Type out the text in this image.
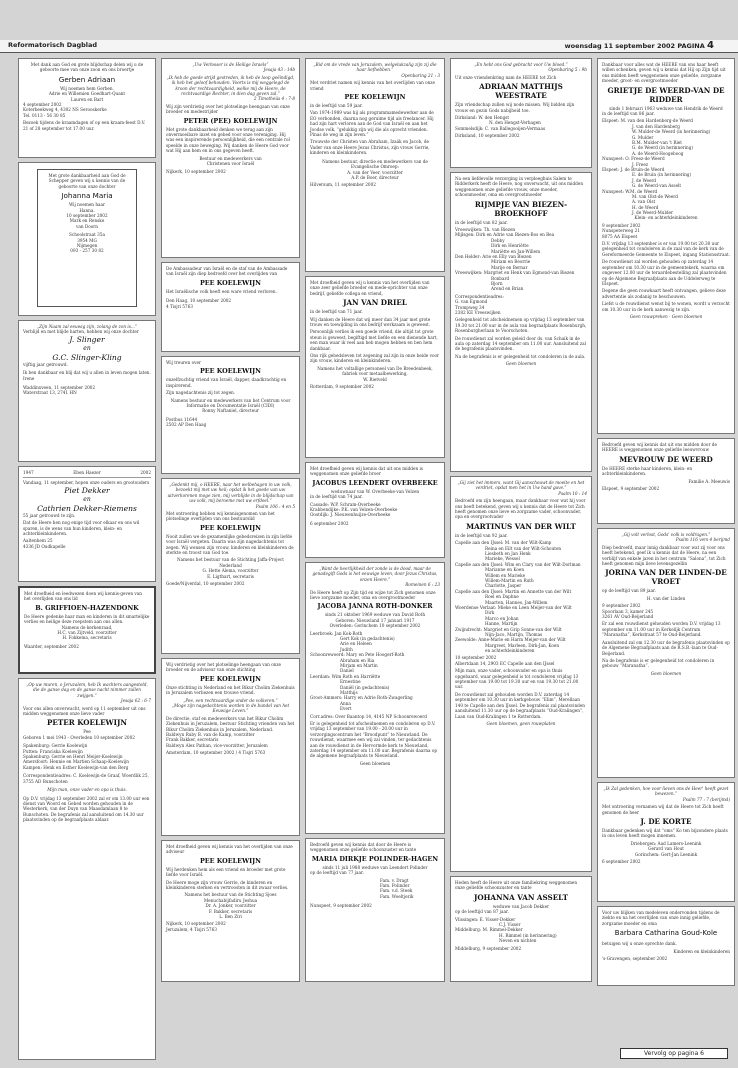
Reformatorisch Dagblad	woensdag 11 september 2002 PAGINA 4
Met dank aan God en grote blijdschap delen wij u de geboorte mee van onze zoon en ons broertje
Gerben Adriaan
Wij noemen hem Gerben.
Adrie en Willemien Goedhart-Quant
Lauren en Bart
4 september 2002
Koterbeekweg 4, 4302 NS Serooskerke
Tel. 0113 - 56 30 85
Bezoek tijdens de kraamdagen of op een kraam-feest D.V. 21 of 28 september tot 17.00 uur.
Met grote dankbaarheid aan God de Schepper geven wij u kennis van de geboorte van onze dochter
Johanna Maria
Wij noemen haar
Hanna.
10 september 2002
Mark en Renske
van Doorn
Schoolstraat 35a
3954 MG
Nijmegen
093 - 257 30 82
„Zijn Naam zal eeuwig zijn, zolang de zon is...”
Verblijd en met blijde harten, hebben wij onze dochter
J. Slinger
en
G.C. Slinger-Kling
vijftig jaar getrouwd.
Ik ben dankbaar en blij dat wij u allen in leven mogen laten.
Irene
Waddinxveen, 11 september 2002
Waterstraat 13, 2741 HN
1947	Eben Haezer	2002
Vandaag, 11 september, hopen onze ouders en grootouders
Piet Dekker
en
Cathrien Dekker-Riemens
55 jaar getrouwd te zijn.
Dat de Heere hen nog enige tijd voor elkaar en ons wil sparen, is de wens van hun kinderen, klein- en achterkleinkinderen.
Aaltenhem 25
4336 JD Oudkapelle
Met droefheid en leedwezen doen wij kennis-geven van het overlijden van ons lid
B. GRIFFIOEN-HAZENDONK
De Heere gedenke haar man en kinderen in dit smartelijke verlies en heilige deze roepstem aan ons allen.
Namens de kerkenraad,
H.C. van Zijtveld, voorzitter
H. Fokkema, secretaris
Waarder, september 2002
„Op uw muren, o Jeruzalem, heb Ik wachters aangesteld, die de ganse dag en de ganse nacht nimmer zullen zwijgen.”
Jesaja 62 : 6-7
Voor ons allen onverwacht, werd op 11 september uit ons midden weggenomen onze lieve vader
PETER KOELEWIJN
Pee
Geboren 1 mei 1943 - Overleden 10 september 2002
Spakenburg: Gerrie Koelewijn
Putten: Franciska Koelewijn
Spakenburg: Gerrie en Henri Meijer-Koelewijn
Amersfoort: Hennie en Martien Schaap-Koelewijn
Kampen: Henk en Esther Koelewijn-van den Berg
Correspondentieadres: C. Koelewijn-de Graaf, Woerdlik 25, 3755 AD Bunschoten
Mijn man, onze vader en opa is thuis.
Op D.V. vrijdag 13 september 2002 zal er om 13.00 uur een dienst van Woord en Gebed worden gehouden in de Westerkerk, van der Duyn van Maasdamlaan 8 te Bunschoten. De begrafenis zal aansluitend om 14.30 uur plaatsvinden op de begraafplaats aldaar.
„Uw Verlosser is de Heilige Israels”
Jesaja 43 : 14b
„Ik heb de goede strijd gestreden, ik heb de loop geëindigd, ik heb het geloof behouden. Voorts is mij weggelegd de kroon der rechtvaardigheid, welke mij de Heere, de rechtvaardige Rechter, in dien dag geven zal.”
2 Timotheüs 4 : 7-8
Wij zijn verdrietig over het plotselinge heengaan van onze broeder en medestrijder
PETER (PEE) KOELEWIJN
Met grote dankbaarheid denken we terug aan zijn onvermoeibare inzet en gebed voor onze vereniging. Hij was een inspirerende persoonlijkheid, die een centrale rol speelde in onze beweging. Wij danken de Heere God voor wat Hij aan hem en in ons gegeven heeft.
Bestuur en medewerkers van
Christenen voor Israël
Nijkerk, 10 september 2002
De Ambassadeur van Israël en de staf van de Ambassade van Israël zijn diep bedroefd over het overlijden van
PEE KOELEWIJN
Het Israëlische volk heeft een ware vriend verloren.
Den Haag, 10 september 2002
4 Tisjri 5763
Wij treuren over
PEE KOELEWIJN
onzelfzuchtig vriend van Israël, dapper, daadkrachtig en inspirerend.
Zijn nagedachtenis zij tot zegen.
Namens bestuur en medewerkers van het Centrum voor Informatie en Documentatie Israël (CIDI)
Ronny Naftaniel, directeur
Postbus 11644
2502 AP Den Haag
„Gedenkt mij, o HEERE, naar het welbehagen in uw volk, bezoekt mij met uw heil; opdat ik het goede van uw uitverkorenen moge zien, mij verblijde in de blijdschap van uw volk, mij beroeme met uw erfdeel.”
Psalm 106 : 4 en 5
Met ontroering hebben wij kennisgenomen van het plotselinge overlijden van ons bestuurslid
PEE KOELEWIJN
Nooit zullen we de gezamenlijke gebedsreizen in zijn liefde voor Israël vergeten. Daarin was zijn nagedachtenis tot zegen. Wij wensen zijn vrouw, kinderen en kleinkinderen de sterkte en troost van God toe.
Namens het bestuur van de Stichting Jaffa-Project Nederland
G. Hette Alema, voorzitter
E. Ligthart, secretaris
Goede/Nijverdal, 10 september 2002
Wij verdrietig over het plotselinge heengaan van onze broeder en de adviseur van onze stichting
PEE KOELEWIJN
Onze stichting in Nederland en het Bikur Cholim Ziekenhuis in Jeruzalem verliezen een trouwe vriend.
„Pee, een rechtvaardige onder de volkeren.”
„Moge zijn nagedachtenis worden in de bundel van het Eeuwige Leven.”
De directie, staf en medewerkers van het Bikur Cholim Ziekenhuis in Jeruzalem, bestuur Stichting vrienden van het Bikur Cholim Ziekenhuis in Jeruzalem, Nederland.
Baldwyn Ruby B. van de Kamp, voorzitter
Frank Bakker, secretaris
Baldwyn Alex Pathan, vice-voorzitter, Jeruzalem
Amsterdam, 10 september 2002 / 4 Tisjri 5763
Met droefheid geven wij kennis van het overlijden van onze adviseur
PEE KOELEWIJN
Wij herdenken hem als een vriend en broeder met grote liefde voor Israël.
De Heere moge zijn vrouw Gerrie, de kinderen en kleinkinderen sterken en vertroosten in dit zwaar verlies.
Namens het bestuur van de Stichting Sjoes Menuchabijfadiru Jeshua
Dr. A. Jonker, voorzitter
F. Bakker, secretaris
L. Ben Ziri
Nijkerk, 10 september 2002
Jeruzalem, 4 Tisjri 5763
„Bid om de vrede van Jeruzalem, welgelukzalig zijn zij die haar liefhebben.”
Openbaring 21 : 3
Met verdriet namen wij kennis van het overlijden van onze vriend
PEE KOELEWIJN
in de leeftijd van 59 jaar.
Van 1974-1989 was hij als programmamedewerker aan de EO verbonden, daarna nog geruime tijd als freelancer. Hij had zijn hart verloren aan de God van Israël en aan het Joodse volk. “gelukkig zijn wij die als oprecht vrienden. Pinas de weg in zijn leven.”
Trouwste der Christen van Abraham, Izaäk en Jacob, de Vader van onze Heere Jezus Christus, zijn vrouw Gerrie, kinderen en kleinkinderen.
Namens bestuur, directie en medewerkers van de Evangelische Omroep:
A. van der Veer, voorzitter
A.P. de Boer, directeur
Hilversum, 11 september 2002
Met droefheid geven wij u kennis van het overlijden van onze zeer geliefde broeder en mede-oprichter van onze bedrijf, geliefde collega en vriend,
JAN VAN DRIEL
in de leeftijd van 71 jaar.
Wij danken de Heere dat wij meer dan 34 jaar met grote trouw en toewijding in ons bedrijf werkzaam is geweest.
Persoonlijk verlies ik een goede vriend, die altijd tot grote steun is geweest, begiftigd met liefde en een dienende hart, een man waar ik veel aan heb mogen hebben en ben hem dankbaar.
Ons rijk gebedsleven tot zegening zal zijn in onze beide voor zijn vrouw, kinderen en kleinkinderen.
Namens het voltallige personeel van De Breedenbeek, fabriek voor metaalbewerking,
W. Rietveld
Rotterdam, 9 september 2002
Met droefheid geven wij kennis dat uit ons midden is weggenomen onze geliefde broer
JACOBUS LEENDERT OVERBEEKE
weduwnaar van W. Overbeeke-van Velzen
in de leeftijd van 74 jaar.
Cassade: W.P. Schram-Overbeeke
Krabbendijke: P.K. van Velzen-Overbeeke
Oostdijk: J. Nieuwenhuijze-Overbeeke
6 september 2002
„Want de heerlijkheid der zonde is de dood, maar de genadegift Gods is het eeuwige leven, door Jezus Christus, onzen Heere.”
Romeinen 6 : 23
De Heere heeft op Zijn tijd en wijze tot Zich genomen onze lieve zorgzame moeder, oma en overgrootmoeder
JACOBA JANNA ROTH-DONKER
sinds 21 oktober 1969 weduwe van David Roth
Geboren: Nieuwland 17 januari 1917
Overleden: Gorinchem 10 september 2002
Leerbroek: Jan Kok-Roth
Gert Kok (in gedachtenis)
Arie en Heleen
Judith
Schoonrewoerd: Mary en Pete Hoogerf-Roth
Abraham en Ria
Mirjam en Martin
Daniel
Leerdam: Wim Roth en Harriëtte
Ernestine
Daniël (in gedachtenis)
Matthijs
Groot-Ammers: Harry en Adrie Roth-Zwagerling
Anna
Evert
Corr.adres: Over Baantop 14, 4145 NP Schoonrewoerd
Er is gelegenheid tot afscheidnemen en condoleren op D.V. vrijdag 13 september van 19.00 - 20.00 uur in verzorgingscentrum het “Broodpunt” te Nieuwland. De rouwdienst, waarmee een wij zal vinden, ter gedachtenis aan de rouwdienst in de Hervormde kerk te Nieuwland, zaterdag 14 september om 11.00 uur. Begrafenis daarna op de algemene begraafplaats te Nieuwland.
Geen bloemen
Bedroefd geven wij kennis dat door de Heere is weggenomen onze geliefde schoonzuster en tante
MARIA DIRKJE POLINDER-HAGEN
sinds 11 juli 1988 weduwe van Leendert Polinder
op de leeftijd van 77 jaar.
Fam. v. Dragt
Fam. Polinder
Fam. v.d. Steek
Fam. Woeltjerik
Nunspeet, 9 september 2002
„En hebt ons God gebracht voor Uw bloed.”
Openbaring 5 : 9b
Uit onze vriendenkring nam de HEERE tot Zich
ADRIAAN MATTHIJS WEESTRATE
Zijn vriendschap zullen wij node missen. Wij bidden zijn vrouw en gezin Gods nabijheid toe.
Dirksland: W. den Hengst
N. den Hengst-Verhagen
Sommelsdijk: C. van Ballegooijen-Vermaas
Dirksland, 10 september 2002
Na een liefdevolle verzorging in verpleeghuis Salem te Ridderkerk heeft de Heere, nog onverwacht, uit ons midden weggenomen onze geliefde vrouw, onze moeder, schoonmoeder, oma en overgrootmoeder
RIJMPJE VAN BIEZEN-BROEKHOFF
in de leeftijd van 82 jaar.
Vreeswijken: Th. van Biezen
Mijlsgen: Dirk en Adrie van Biezen-Bos en Bea
Debby
Dirk en Henriëtte
Mariëtte en Jan-Willem
Den Helder: Arie en Elly van Biezen
Miriam en Beorrie
Marije en Bernar
Vreeswijken: Margriet en Henk van Egmond-van Biezen
Bonbard
Bjorn
Arend en Brian
Correspondentieadres:
G. van Egmond
Trompweg 34
2382 KE Vreeswijken
Gelegenheid tot afscheidnemen op vrijdag 13 september van 19.30 tot 21.00 uur in de aula van begraafplaats Rosenburgh, Rosenburgherlaan te Voorschoten.
De rouwdienst zal worden geleid door ds. van Schaik in de aula op zaterdag 14 september om 11.00 uur. Aansluitend zal de begrafenis plaatsvinden.
Na de begrafenis is er gelegenheid tot condoleren in de aula.
Geen bloemen
„Gij ziet het immers, want Gij aanschouwt de moeite en het verdriet, opdat men het in Uw hand gave.”
Psalm 10 : 14
Bedroefd om zijn heengaan, maar dankbaar voor wat hij voor ons heeft betekend, geven wij u kennis dat de Heere tot Zich heeft genomen onze lieve en zorgzame vader, schoonvader, opa en overgrootvader
MARTINUS VAN DER WILT
in de leeftijd van 92 jaar.
Capelle aan den IJssel: M. van der Wilt-Kamp
Reina en Eilt van der Wilt-Schouten
Liesbeth en Jan Henk
Marieke, Wessel
Capelle aan den IJssel: Wim en Clary van der Wilt-Dorlman
Marianne en Koen
Willem en Marieke
Willem-Martin en Ruth
Charlotte, Jasper
Capelle aan den IJssel: Martin en Annette van der Wilt
Roel en Daphne
Maarten, Hannes, Jan-Willem
Woerdense Verlaat: Mieke en Leen Meijer-van der Wilt
Dirk
Marco en Johan
Hanne, Martijn
Zwijndrecht: Margriet en Grip Sonne-van der Wilt
Nijn-Jaco, Martijn, Thomas
Zeewolde: Anne-Marie en Harm Meijer-van der Wilt
Margreet, Marleen, Dirk-Jan, Koen
en achterkleinkinderen
10 september 2002
Albertdaan 14, 2903 EC Capelle aan den IJssel
Mijn man, onze vader, schoonvader en opa is thuis opgebaard, waar gelegenheid is tot condoleren vrijdag 13 september van 19.00 tot 19.30 uur en van 19.30 tot 21.00 uur.
De rouwdienst zal gehouden worden D.V. zaterdag 14 september om 10.30 uur in kerkgebouw “Elim”, Merellaan 140 te Capelle aan den IJssel. De begrafenis zal plaatsvinden aansluitend 11.30 uur op de begraafplaats “Oud-Kralingen”, Laan van Oud-Kralingen 1 te Rotterdam.
Geen bloemen, geen rouwplaten
Heden heeft de Heere uit onze familiekring weggenomen onze geliefde schoonzuster en tante
JOHANNA VAN ASSELT
weduwe van Jacob Dekker
op de leeftijd van 87 jaar.
Vlissingen: E. Visser-Dekker
C.J. Visser
Middelburg: M. Rimmel-Dekker
H. Rimmel (in herinnering)
Neven en nichten
Middelburg, 9 september 2002
Dankbaar voor alles wat de HEERE van ons haar heeft willen schenken, geven wij u kennis dat Hij op Zijn tijd uit ons midden heeft weggenomen onze geliefde, zorgzame moeder, groot- en overgrootmoeder
GRIETJE DE WEERD-VAN DE RIDDER
sinds 1 februari 1963 weduwe van Hendrik de Weerd
in de leeftijd van 86 jaar.
Elspeet: M. van den Hardenberg-de Weerd
J. van den Hardenberg
W. Mulder-de Weerd (in herinnering)
G. Mulder
B.M. Mulder-van 't Riet
G. de Weerd (in herinnering)
A. de Weerd-Hoogeboog
Nunspeet: O. Freez-de Weerd
J. Freez
Elspeet: J. de Bruin-de Weerd
E. de Bruin (in herinnering)
J. de Weerd
G. de Weerd-van Asselt
Nunspeet: W.M. de Weerd
M. van Olst-de Weerd
A. van Olst
H. de Weerd
J. de Weerd-Mulder
Klein- en achterkleinkinderen
9 september 2002
Nunspeterweg 21
8075 AA Elspeet
D.V. vrijdag 13 september is er van 19.00 tot 20.30 uur gelegenheid tot condoleren in de zaal van de kerk van de Gereformeerde Gemeente te Elspeet, ingang Stationsstraat.
De rouwdienst zal worden gehouden op zaterdag 14 september om 10.30 uur in de gemeentekerk, waarna om ongeveer 12.00 uur de teraardebestelling zal plaatsvinden op de Algemene Begraafplaats aan de Uddelerweg te Elspeet.
Degene die geen rouwkaart heeft ontvangen, gelieve deze advertentie als zodanig te beschouwen.
Liefst u de rouwdienst wenst bij te wonen, wordt u verzocht om 10.30 uur in de kerk aanwezig te zijn.
Geen rouwpreken - Geen bloemen
Bedroefd geven wij kennis dat uit ons midden door de HEERE is weggenomen onze geliefde leeuwvrouw
MEVROUW DE WEERD
De HEERE sterke haar kinderen, klein- en achterkleinkinderen.
Familie A. Meeuwis
Elspeet, 9 september 2002
„Gij volt verlost, Gods' volk is voldragen.”
Psalm 116 vers 4 berijmd
Diep bedroefd, maar innig dankbaar voor wat zij voor ons heeft betekend, geef ik u kennis dat de Heere, na een verblijf van enkele jaren in het centrum “Salona”, tot Zich heeft genomen mijn lieve levensgezellin
JORINA VAN DER LINDEN-DE VROET
op de leeftijd van 89 jaar.
H. van der Linden
9 september 2002
Spoorlaan 3, kamer 245
3261 AV Oud-Beijerland
Er zal een rouwdienst gehouden worden D.V. vrijdag 13 september om 11.00 uur in Kerkelijk Centrum “Maranatha”, Kerkstraat 57 te Oud-Beijerland.
Aansluitend zal om 12.30 uur de begrafenis plaatsvinden op de Algemene Begraafplaats aan de R.S.B.-laan te Oud-Beijerland.
Na de begrafenis is er gelegenheid tot condoleren in gebouw “Maranatha”.
Geen bloemen
„Ik Zal gedenken, hoe voor lieven ons de Heer' heeft gezet bewezen.”
Psalm 77 : 7 (berijmd)
Met ontroering vernamen wij dat de Heere tot Zich heeft genomen de heer
J. DE KORTE
Dankbaar gedenken wij dat “oms” Ko ten bijzondere plaats in ons leven heeft mogen innemen.
Driebergen: Aad Lamers-Leenink
Gerard van Hout
Gorinchem: Gert-Jan Leenink
6 september 2002
Voor uw blijken van medeleven ondervonden tijdens de ziekte en na het overlijden van onze innig geliefde, zorgzame moeder en oma
Barbara Catharina Goud-Kole
betuigen wij u onze oprechte dank.
Kinderen en kleinkinderen
's-Gravengen, september 2002
Vervolg op pagina 6
